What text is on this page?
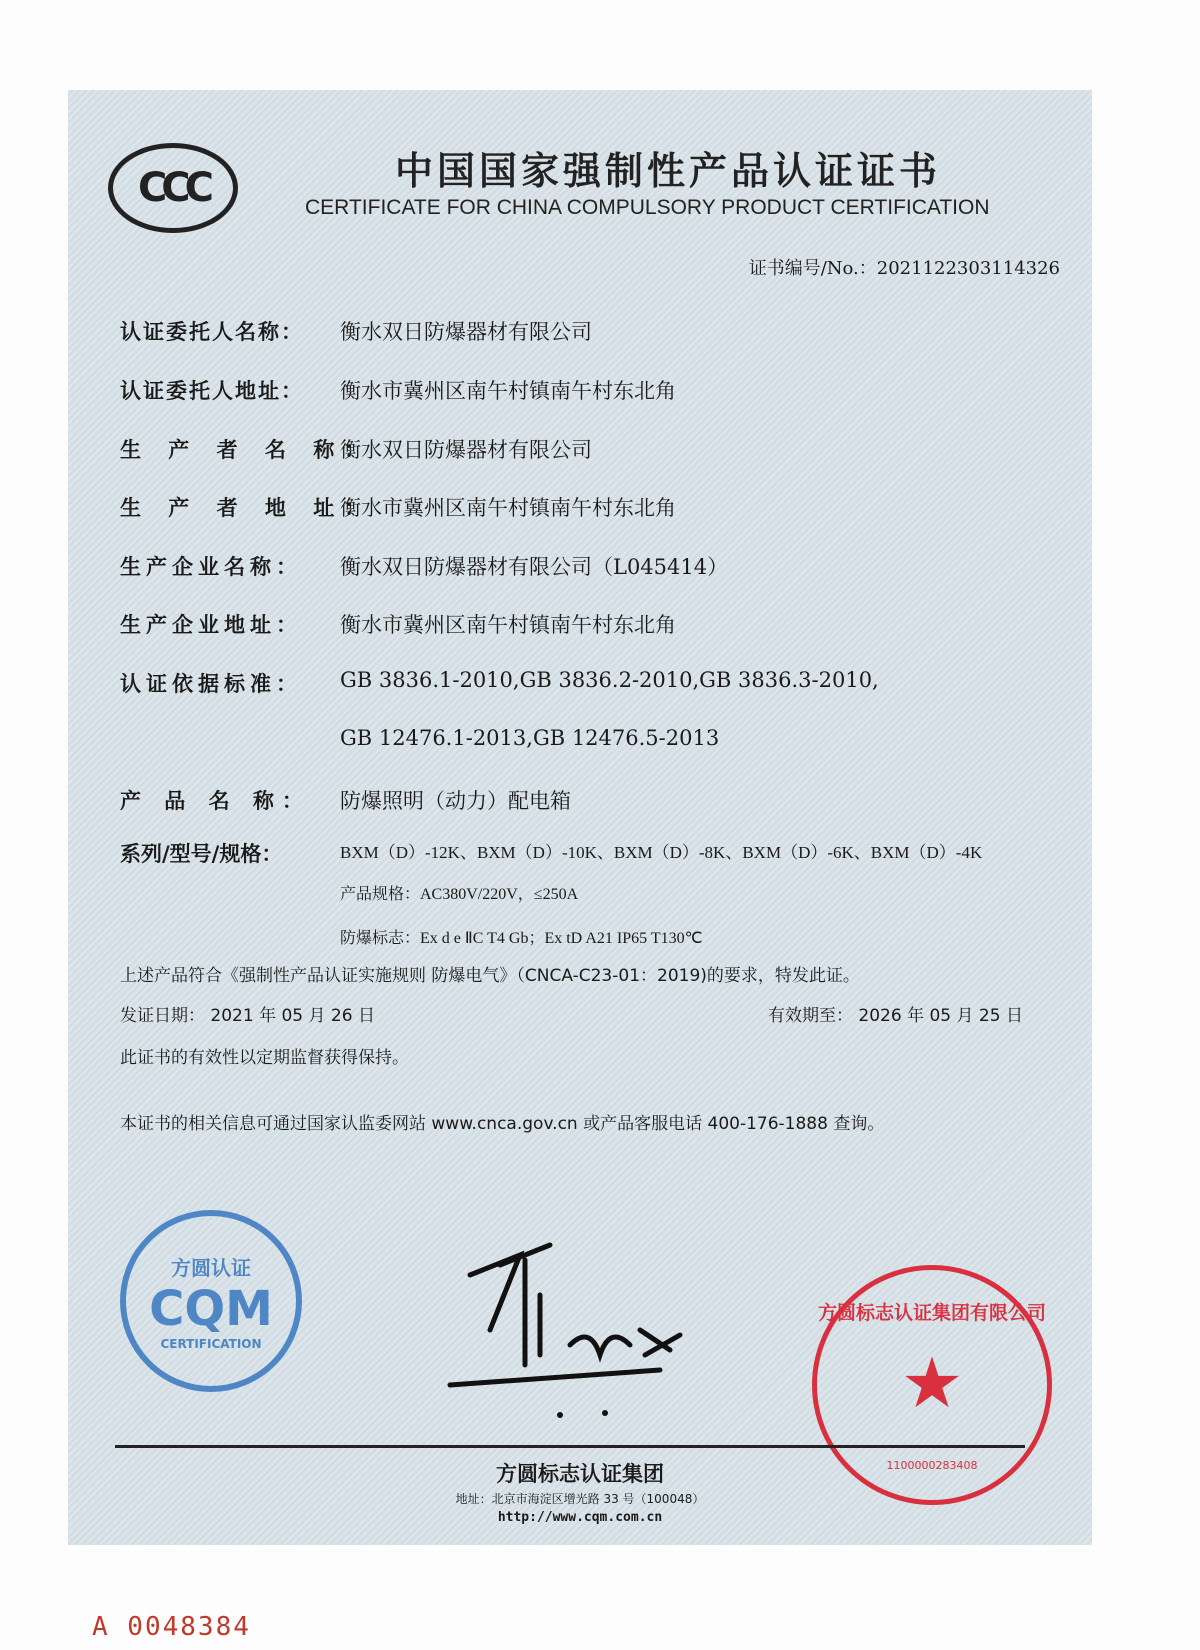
CCC	中国国家强制性产品认证证书
CERTIFICATE FOR CHINA COMPULSORY PRODUCT CERTIFICATION
证书编号/No.：2021122303114326
认证委托人名称： 衡水双日防爆器材有限公司
认证委托人地址： 衡水市冀州区南午村镇南午村东北角
生 产 者 名 称：
衡水双日防爆器材有限公司
生 产 者 地 址：
衡水市冀州区南午村镇南午村东北角
生产企业名称： 衡水双日防爆器材有限公司（L045414）
生产企业地址： 衡水市冀州区南午村镇南午村东北角
认证依据标准： GB 3836.1-2010,GB 3836.2-2010,GB 3836.3-2010,
GB 12476.1-2013,GB 12476.5-2013
产 品 名 称： 防爆照明（动力）配电箱
系列/型号/规格：	BXM（D）-12K、BXM（D）-10K、BXM（D）-8K、BXM（D）-6K、BXM（D）-4K
产品规格：AC380V/220V，≤250A
防爆标志：Ex d e ⅡC T4 Gb；Ex tD A21 IP65 T130℃
上述产品符合《强制性产品认证实施规则 防爆电气》（CNCA-C23-01：2019)的要求，特发此证。
发证日期： 2021 年 05 月 26 日	有效期至： 2026 年 05 月 25 日
此证书的有效性以定期监督获得保持。
本证书的相关信息可通过国家认监委网站 www.cnca.gov.cn 或产品客服电话 400-176-1888 查询。
方圆认证
CQM
CERTIFICATION
方圆标志认证集团有限公司
★
1100000283408
方圆标志认证集团
地址：北京市海淀区增光路 33 号（100048）
http://www.cqm.com.cn
A 0048384
